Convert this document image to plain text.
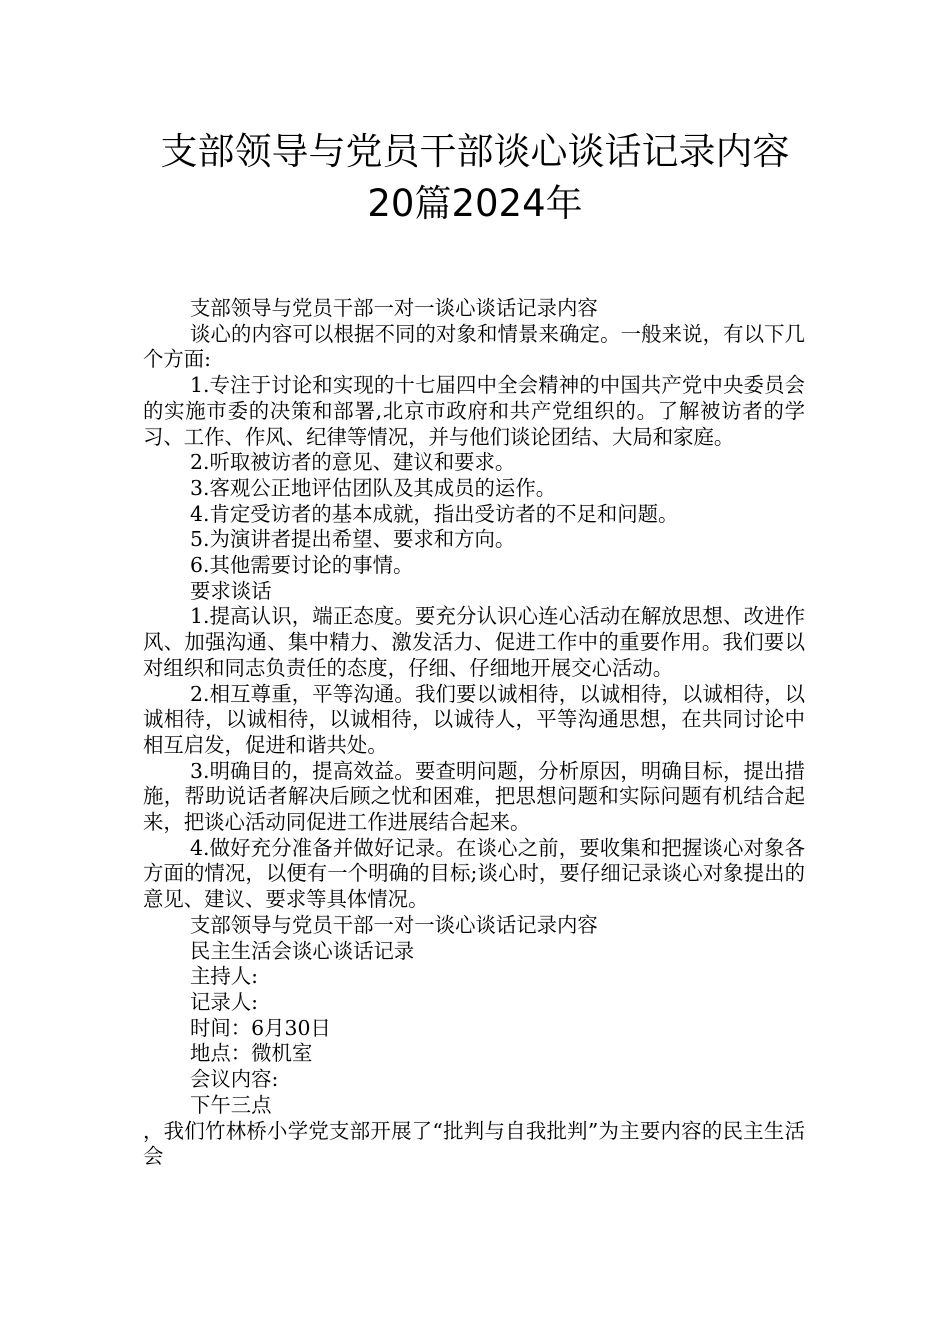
支部领导与党员干部谈心谈话记录内容
20篇2024年

支部领导与党员干部一对一谈心谈话记录内容

谈心的内容可以根据不同的对象和情景来确定。一般来说，有以下几个方面:

1.专注于讨论和实现的十七届四中全会精神的中国共产党中央委员会的实施市委的决策和部署,北京市政府和共产党组织的。了解被访者的学习、工作、作风、纪律等情况，并与他们谈论团结、大局和家庭。

2.听取被访者的意见、建议和要求。

3.客观公正地评估团队及其成员的运作。

4.肯定受访者的基本成就，指出受访者的不足和问题。

5.为演讲者提出希望、要求和方向。

6.其他需要讨论的事情。

要求谈话

1.提高认识，端正态度。要充分认识心连心活动在解放思想、改进作风、加强沟通、集中精力、激发活力、促进工作中的重要作用。我们要以对组织和同志负责任的态度，仔细、仔细地开展交心活动。

2.相互尊重，平等沟通。我们要以诚相待，以诚相待，以诚相待，以诚相待，以诚相待，以诚相待，以诚待人，平等沟通思想，在共同讨论中相互启发，促进和谐共处。

3.明确目的，提高效益。要查明问题，分析原因，明确目标，提出措施，帮助说话者解决后顾之忧和困难，把思想问题和实际问题有机结合起来，把谈心活动同促进工作进展结合起来。

4.做好充分准备并做好记录。在谈心之前，要收集和把握谈心对象各方面的情况，以便有一个明确的目标;谈心时，要仔细记录谈心对象提出的意见、建议、要求等具体情况。

支部领导与党员干部一对一谈心谈话记录内容

民主生活会谈心谈话记录

主持人:

记录人:

时间：6月30日

地点：微机室

会议内容:

下午三点

，我们竹林桥小学党支部开展了“批判与自我批判”为主要内容的民主生活会
